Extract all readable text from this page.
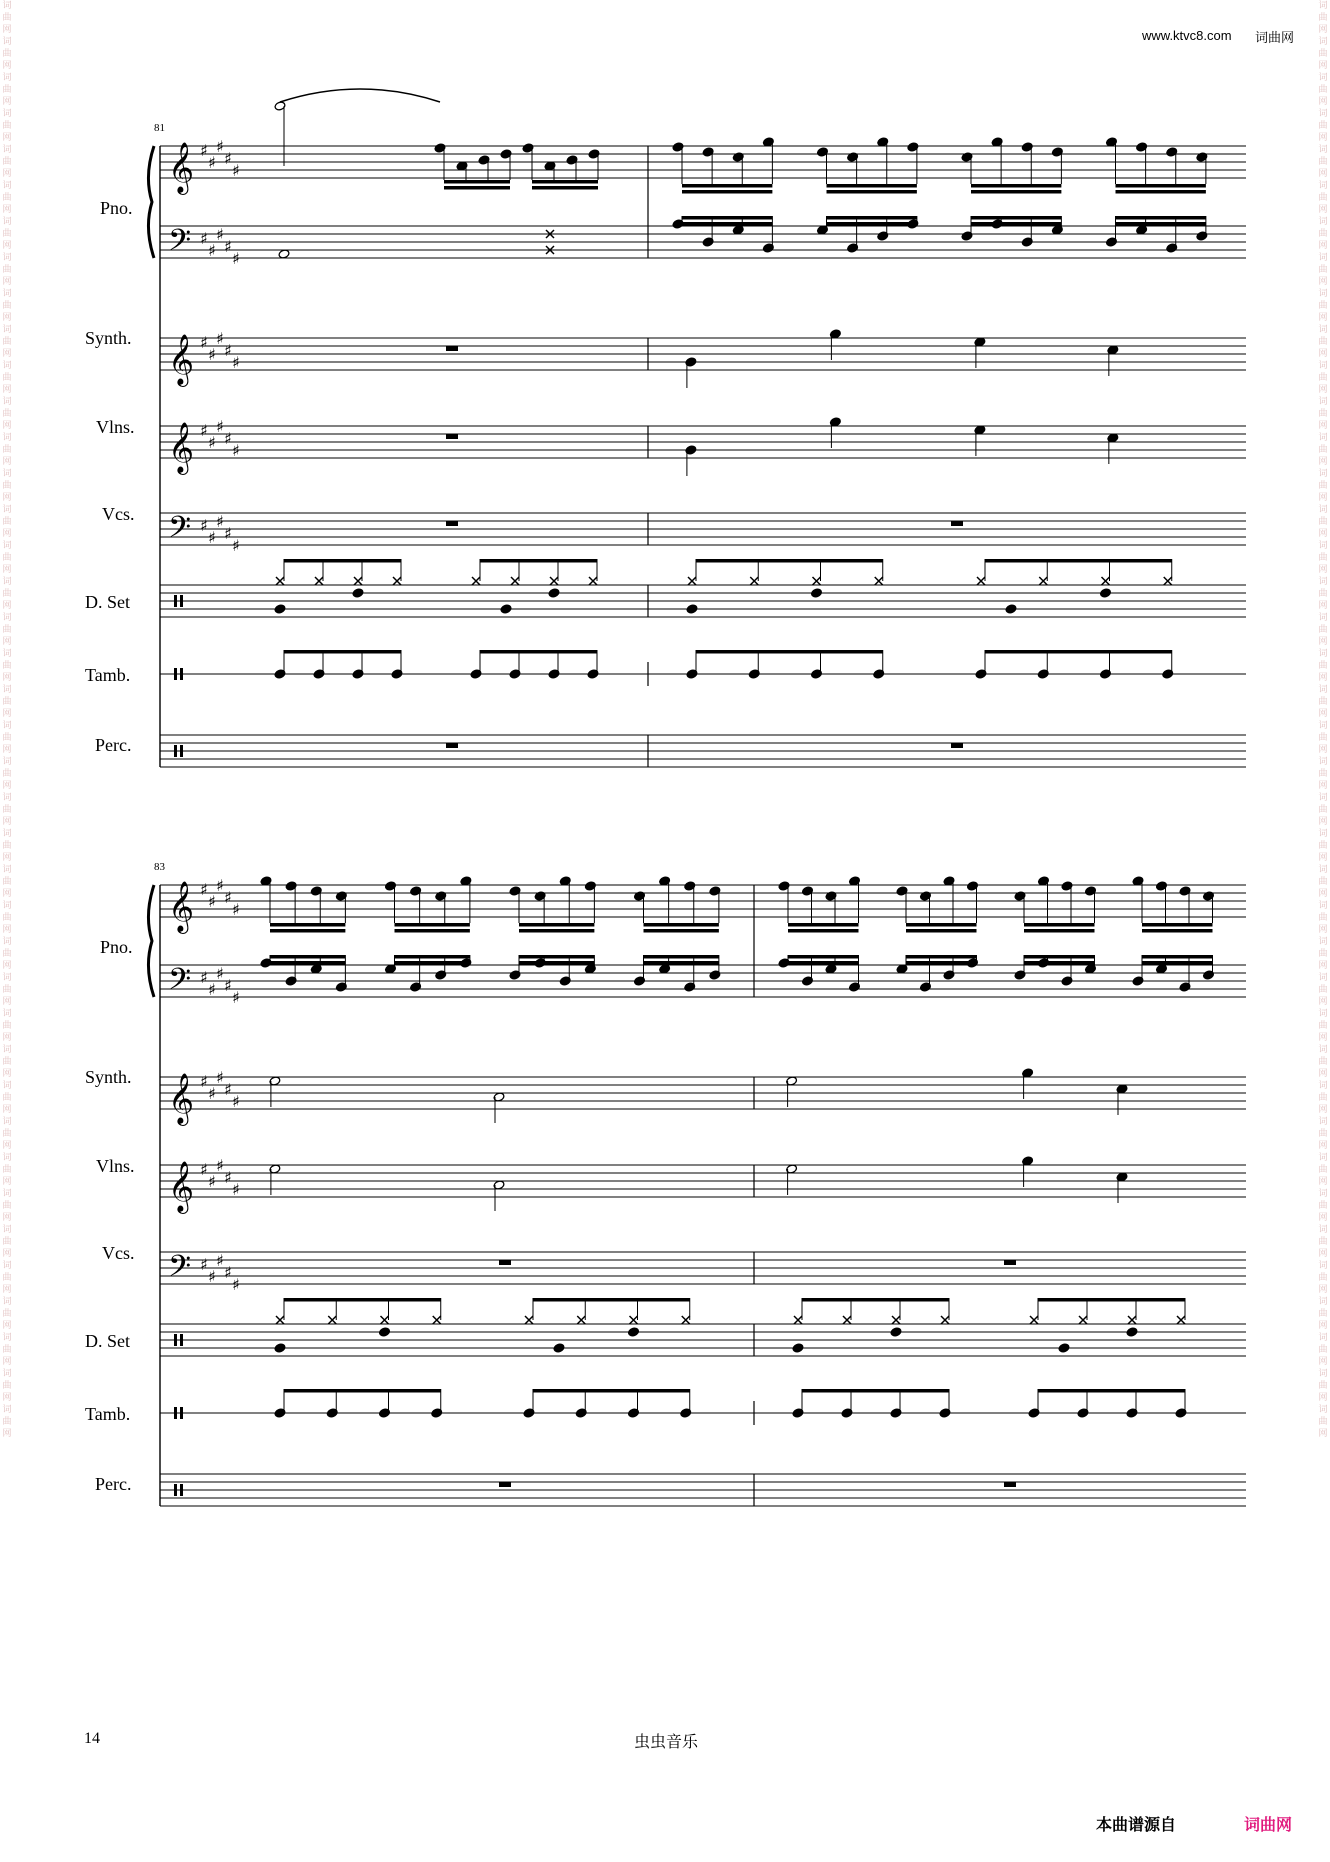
词曲网词曲网词曲网词曲网词曲网词曲网词曲网词曲网词曲网词曲网词曲网词曲网词曲网词曲网词曲网词曲网词曲网词曲网词曲网词曲网词曲网词曲网词曲网词曲网词曲网词曲网词曲网词曲网词曲网词曲网词曲网词曲网词曲网词曲网词曲网词曲网词曲网词曲网词曲网词曲网
词曲网词曲网词曲网词曲网词曲网词曲网词曲网词曲网词曲网词曲网词曲网词曲网词曲网词曲网词曲网词曲网词曲网词曲网词曲网词曲网词曲网词曲网词曲网词曲网词曲网词曲网词曲网词曲网词曲网词曲网词曲网词曲网词曲网词曲网词曲网词曲网词曲网词曲网词曲网词曲网
www.ktvc8.com 词曲网
81
Pno.
Synth.
Vlns.
Vcs.
D. Set
Tamb.
Perc.
83
Pno.
Synth.
Vlns.
Vcs.
D. Set
Tamb.
Perc.
14	虫虫音乐
本曲谱源自	词曲网
𝄞
𝄢
♯
♯
♯
♯
♯
♯
♯
♯
♯
♯
𝄞 ♯
♯
♯
♯
♯
𝄞 ♯
♯
♯
♯
♯
𝄢 ♯
♯
♯
♯
♯
𝄞
𝄢
♯
♯
♯
♯
♯
♯
♯
♯
♯
♯
𝄞 ♯
♯
♯
♯
♯
𝄞 ♯
♯
♯
♯
♯
𝄢 ♯
♯
♯
♯
♯
